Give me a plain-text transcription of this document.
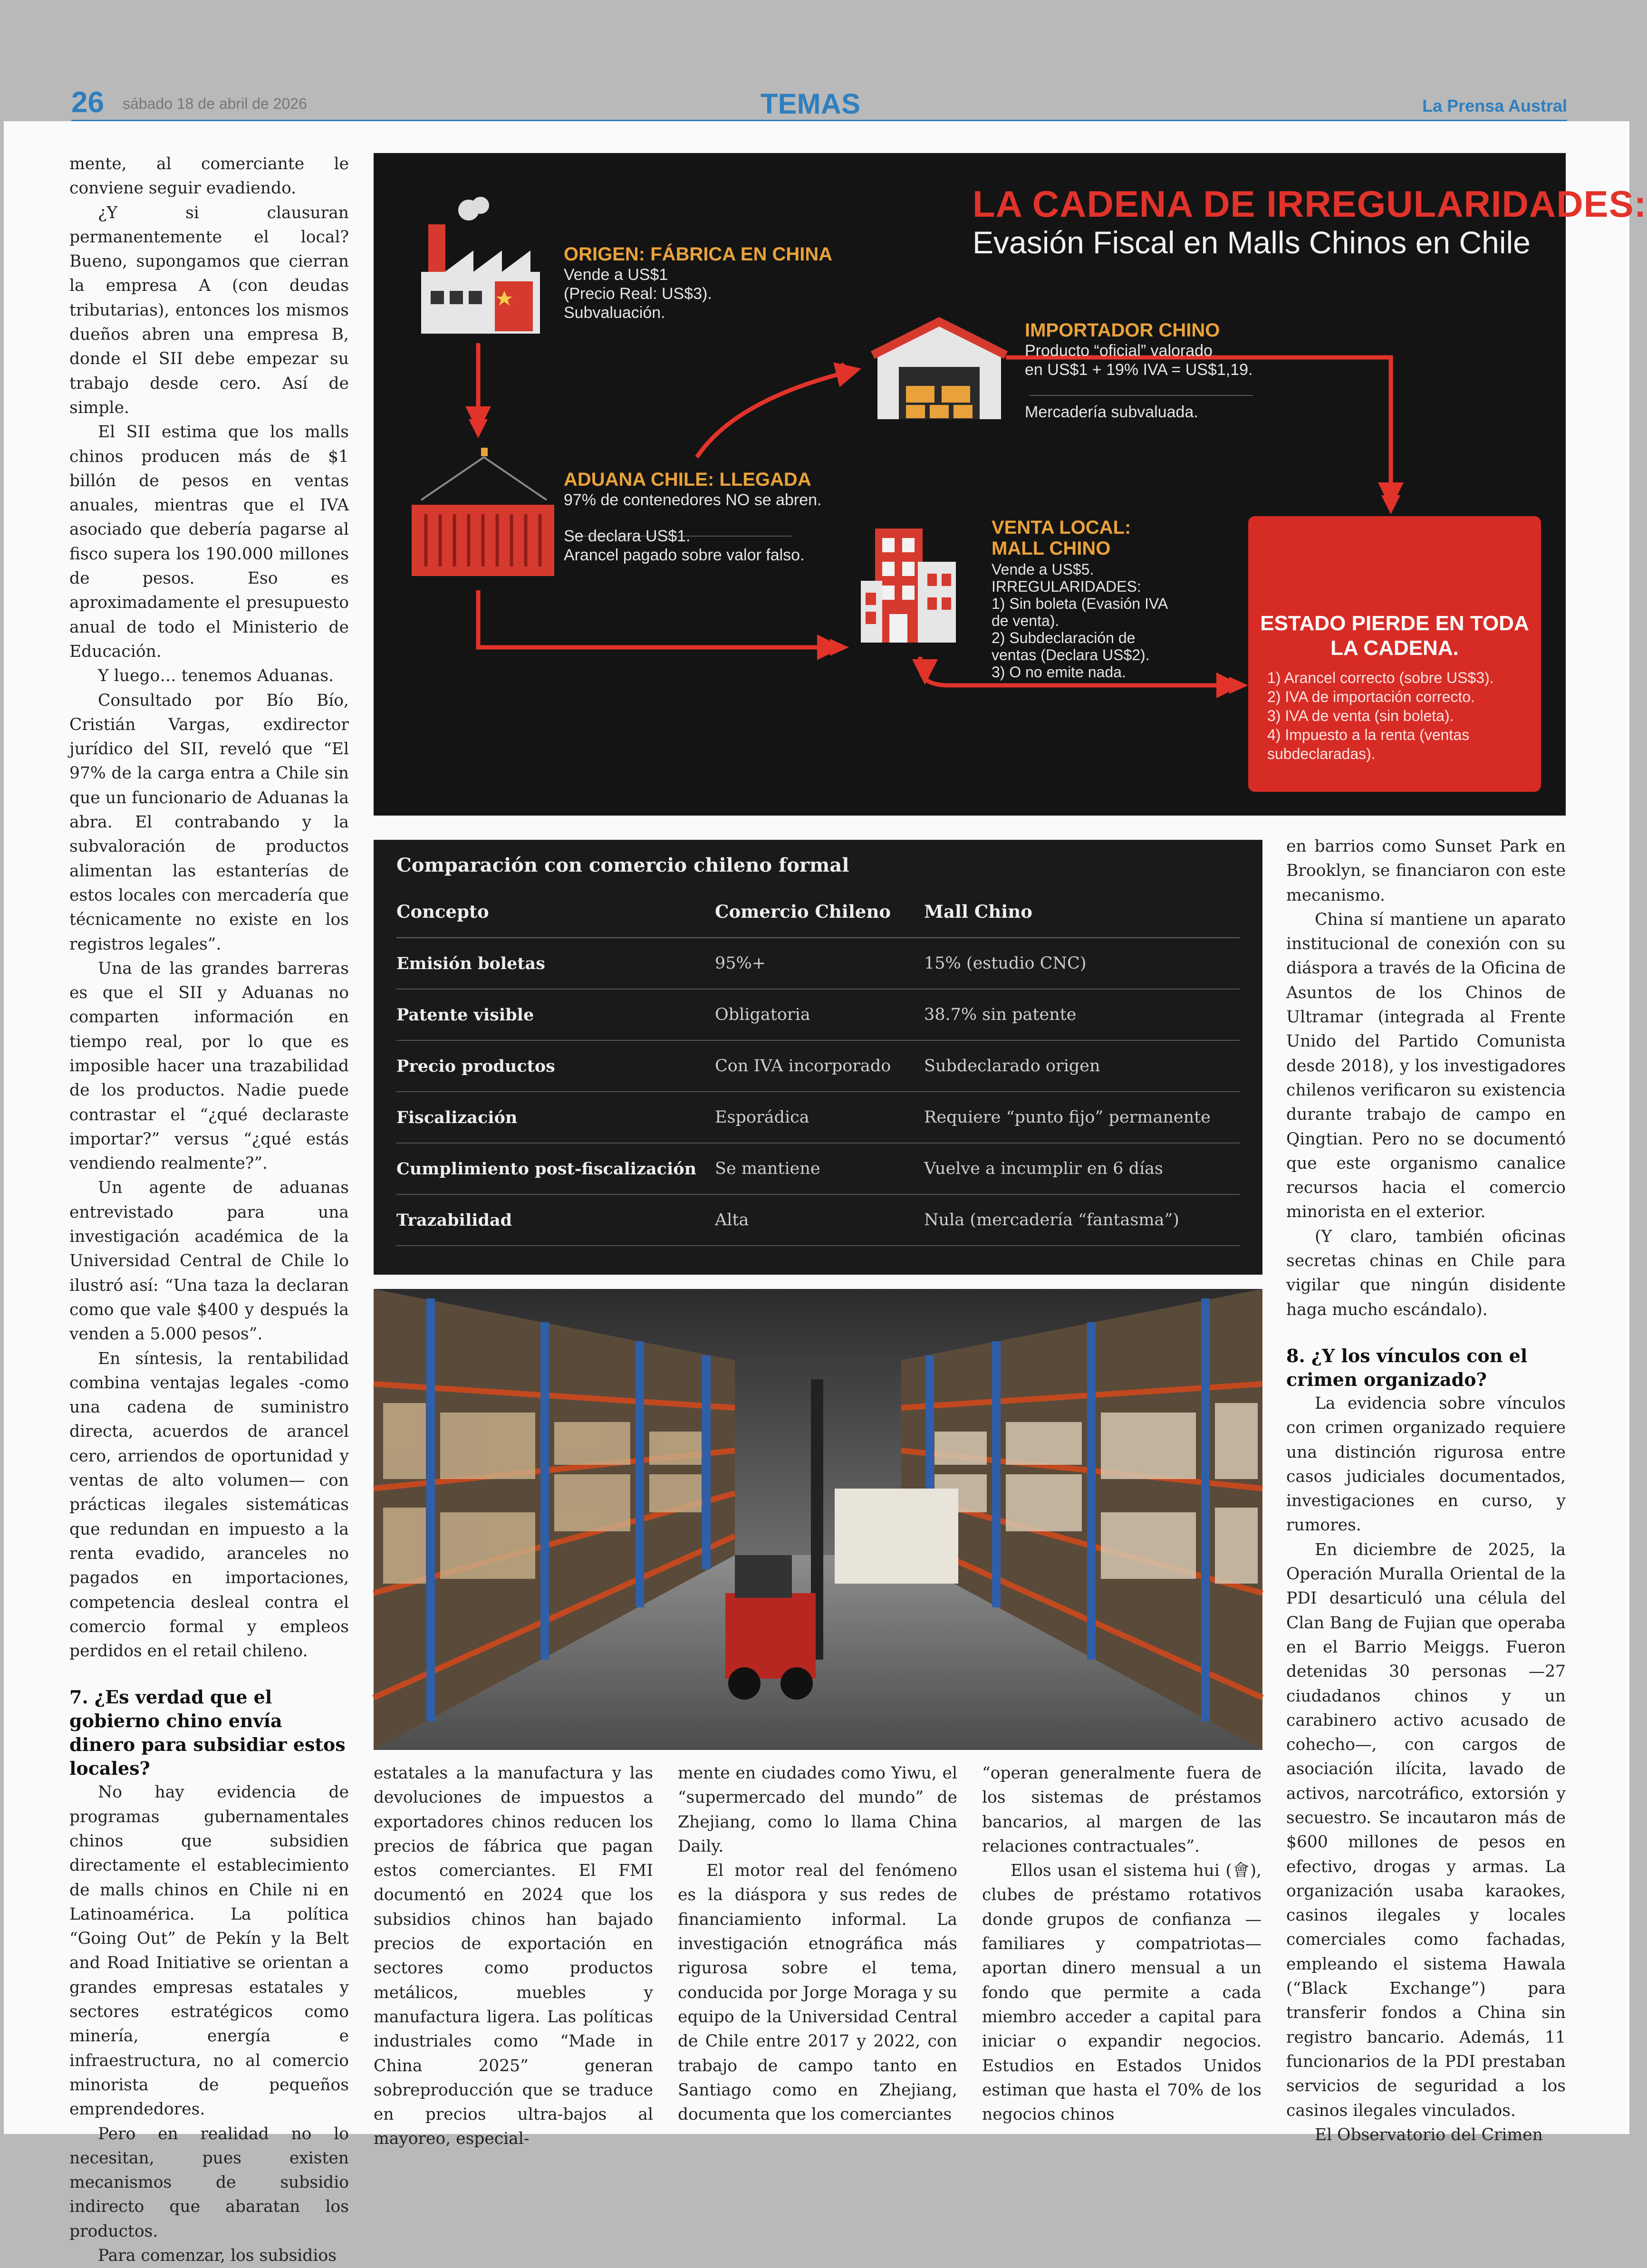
26 sábado 18 de abril de 2026	TEMAS	La Prensa Austral

mente, al comerciante le conviene seguir evadiendo.

¿Y si clausuran permanentemente el local? Bueno, supongamos que cierran la empresa A (con deudas tributarias), entonces los mismos dueños abren una empresa B, donde el SII debe empezar su trabajo desde cero. Así de simple.

El SII estima que los malls chinos producen más de $1 billón de pesos en ventas anuales, mientras que el IVA asociado que debería pagarse al fisco supera los 190.000 millones de pesos. Eso es aproximadamente el presupuesto anual de todo el Ministerio de Educación.

Y luego… tenemos Aduanas.

Consultado por Bío Bío, Cristián Vargas, exdirector jurídico del SII, reveló que “El 97% de la carga entra a Chile sin que un funcionario de Aduanas la abra. El contrabando y la subvaloración de productos alimentan las estanterías de estos locales con mercadería que técnicamente no existe en los registros legales”.

Una de las grandes barreras es que el SII y Aduanas no comparten información en tiempo real, por lo que es imposible hacer una trazabilidad de los productos. Nadie puede contrastar el “¿qué declaraste importar?” versus “¿qué estás vendiendo realmente?”.

Un agente de aduanas entrevistado para una investigación académica de la Universidad Central de Chile lo ilustró así: “Una taza la declaran como que vale $400 y después la venden a 5.000 pesos”.

En síntesis, la rentabilidad combina ventajas legales -como una cadena de suministro directa, acuerdos de arancel cero, arriendos de oportunidad y ventas de alto volumen— con prácticas ilegales sistemáticas que redundan en impuesto a la renta evadido, aranceles no pagados en importaciones, competencia desleal contra el comercio formal y empleos perdidos en el retail chileno.

7. ¿Es verdad que el gobierno chino envía dinero para subsidiar estos locales?

No hay evidencia de programas gubernamentales chinos que subsidien directamente el establecimiento de malls chinos en Chile ni en Latinoamérica. La política “Going Out” de Pekín y la Belt and Road Initiative se orientan a grandes empresas estatales y sectores estratégicos como minería, energía e infraestructura, no al comercio minorista de pequeños emprendedores.

Pero en realidad no lo necesitan, pues existen mecanismos de subsidio indirecto que abaratan los productos.

Para comenzar, los subsidios

estatales a la manufactura y las devoluciones de impuestos a exportadores chinos reducen los precios de fábrica que pagan estos comerciantes. El FMI documentó en 2024 que los subsidios chinos han bajado precios de exportación en sectores como productos metálicos, muebles y manufactura ligera. Las políticas industriales como “Made in China 2025” generan sobreproducción que se traduce en precios ultra-bajos al mayoreo, especial-

mente en ciudades como Yiwu, el “supermercado del mundo” de Zhejiang, como lo llama China Daily.

El motor real del fenómeno es la diáspora y sus redes de financiamiento informal. La investigación etnográfica más rigurosa sobre el tema, conducida por Jorge Moraga y su equipo de la Universidad Central de Chile entre 2017 y 2022, con trabajo de campo tanto en Santiago como en Zhejiang, documenta que los comerciantes

“operan generalmente fuera de los sistemas de préstamos bancarios, al margen de las relaciones contractuales”.

Ellos usan el sistema hui (會), clubes de préstamo rotativos donde grupos de confianza —familiares y compatriotas— aportan dinero mensual a un fondo que permite a cada miembro acceder a capital para iniciar o expandir negocios. Estudios en Estados Unidos estiman que hasta el 70% de los negocios chinos

en barrios como Sunset Park en Brooklyn, se financiaron con este mecanismo.

China sí mantiene un aparato institucional de conexión con su diáspora a través de la Oficina de Asuntos de los Chinos de Ultramar (integrada al Frente Unido del Partido Comunista desde 2018), y los investigadores chilenos verificaron su existencia durante trabajo de campo en Qingtian. Pero no se documentó que este organismo canalice recursos hacia el comercio minorista en el exterior.

(Y claro, también oficinas secretas chinas en Chile para vigilar que ningún disidente haga mucho escándalo).

8. ¿Y los vínculos con el crimen organizado?

La evidencia sobre vínculos con crimen organizado requiere una distinción rigurosa entre casos judiciales documentados, investigaciones en curso, y rumores.

En diciembre de 2025, la Operación Muralla Oriental de la PDI desarticuló una célula del Clan Bang de Fujian que operaba en el Barrio Meiggs. Fueron detenidas 30 personas —27 ciudadanos chinos y un carabinero activo acusado de cohecho—, con cargos de asociación ilícita, lavado de activos, narcotráfico, extorsión y secuestro. Se incautaron más de $600 millones de pesos en efectivo, drogas y armas. La organización usaba karaokes, casinos ilegales y locales comerciales como fachadas, empleando el sistema Hawala (“Black Exchange”) para transferir fondos a China sin registro bancario. Además, 11 funcionarios de la PDI prestaban servicios de seguridad a los casinos ilegales vinculados.

El Observatorio del Crimen

LA CADENA DE IRREGULARIDADES:
Evasión Fiscal en Malls Chinos en Chile
ORIGEN: FÁBRICA EN CHINA
Vende a US$1
(Precio Real: US$3).
Subvaluación.
IMPORTADOR CHINO
Producto “oficial” valorado
en US$1 + 19% IVA = US$1,19.
Mercadería subvaluada.
ADUANA CHILE: LLEGADA
97% de contenedores NO se abren.
Se declara US$1.
Arancel pagado sobre valor falso.
VENTA LOCAL:
MALL CHINO
Vende a US$5.
IRREGULARIDADES:
1) Sin boleta (Evasión IVA
de venta).
2) Subdeclaración de
ventas (Declara US$2).
3) O no emite nada.
ESTADO PIERDE EN TODA LA CADENA.
1) Arancel correcto (sobre US$3).
2) IVA de importación correcto.
3) IVA de venta (sin boleta).
4) Impuesto a la renta (ventas subdeclaradas).
Comparación con comercio chileno formal
Concepto	Comercio Chileno	Mall Chino
Emisión boletas	95%+	15% (estudio CNC)
Patente visible	Obligatoria	38.7% sin patente
Precio productos	Con IVA incorporado	Subdeclarado origen
Fiscalización	Esporádica	Requiere “punto fijo” permanente
Cumplimiento post-fiscalización	Se mantiene	Vuelve a incumplir en 6 días
Trazabilidad	Alta	Nula (mercadería “fantasma”)
